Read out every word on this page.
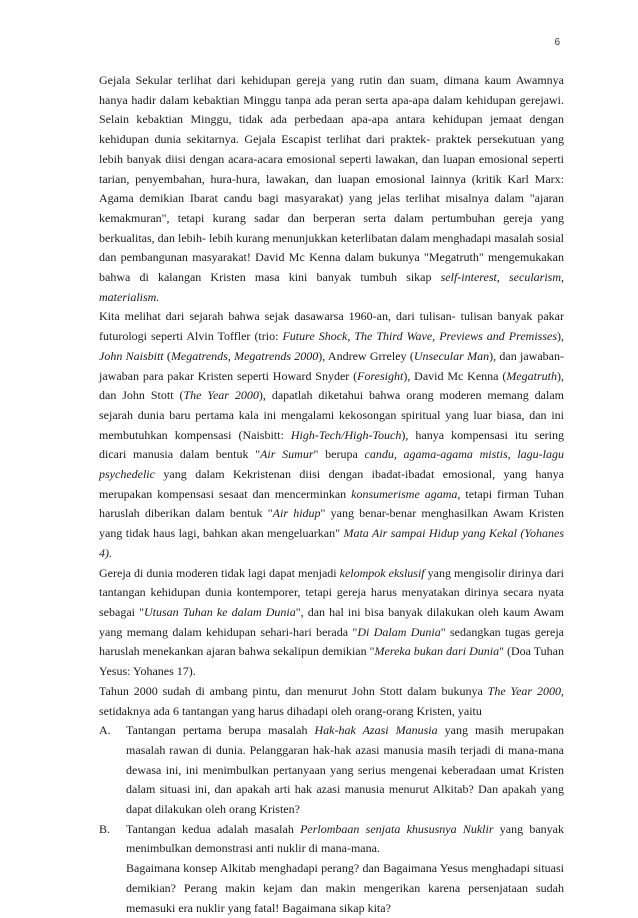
6

Gejala Sekular terlihat dari kehidupan gereja yang rutin dan suam, dimana kaum Awamnya hanya hadir dalam kebaktian Minggu tanpa ada peran serta apa-apa dalam kehidupan gerejawi. Selain kebaktian Minggu, tidak ada perbedaan apa-apa antara kehidupan jemaat dengan kehidupan dunia sekitarnya. Gejala Escapist terlihat dari praktek- praktek persekutuan yang lebih banyak diisi dengan acara-acara emosional seperti lawakan, dan luapan emosional seperti tarian, penyembahan, hura-hura, lawakan, dan luapan emosional lainnya (kritik Karl Marx: Agama demikian Ibarat candu bagi masyarakat) yang jelas terlihat misalnya dalam "ajaran kemakmuran", tetapi kurang sadar dan berperan serta dalam pertumbuhan gereja yang berkualitas, dan lebih- lebih kurang menunjukkan keterlibatan dalam menghadapi masalah sosial dan pembangunan masyarakat! David Mc Kenna dalam bukunya "Megatruth" mengemukakan bahwa di kalangan Kristen masa kini banyak tumbuh sikap self-interest, secularism, materialism.

Kita melihat dari sejarah bahwa sejak dasawarsa 1960-an, dari tulisan- tulisan banyak pakar futurologi seperti Alvin Toffler (trio: Future Shock, The Third Wave, Previews and Premisses), John Naisbitt (Megatrends, Megatrends 2000), Andrew Grreley (Unsecular Man), dan jawaban-jawaban para pakar Kristen seperti Howard Snyder (Foresight), David Mc Kenna (Megatruth), dan John Stott (The Year 2000), dapatlah diketahui bahwa orang moderen memang dalam sejarah dunia baru pertama kala ini mengalami kekosongan spiritual yang luar biasa, dan ini membutuhkan kompensasi (Naisbitt: High-Tech/High-Touch), hanya kompensasi itu sering dicari manusia dalam bentuk "Air Sumur" berupa candu, agama-agama mistis, lagu-lagu psychedelic yang dalam Kekristenan diisi dengan ibadat-ibadat emosional, yang hanya merupakan kompensasi sesaat dan mencerminkan konsumerisme agama, tetapi firman Tuhan haruslah diberikan dalam bentuk "Air hidup" yang benar-benar menghasilkan Awam Kristen yang tidak haus lagi, bahkan akan mengeluarkan" Mata Air sampai Hidup yang Kekal (Yohanes 4).

Gereja di dunia moderen tidak lagi dapat menjadi kelompok ekslusif yang mengisolir dirinya dari tantangan kehidupan dunia kontemporer, tetapi gereja harus menyatakan dirinya secara nyata sebagai "Utusan Tuhan ke dalam Dunia", dan hal ini bisa banyak dilakukan oleh kaum Awam yang memang dalam kehidupan sehari-hari berada "Di Dalam Dunia" sedangkan tugas gereja haruslah menekankan ajaran bahwa sekalipun demikian "Mereka bukan dari Dunia" (Doa Tuhan Yesus: Yohanes 17).

Tahun 2000 sudah di ambang pintu, dan menurut John Stott dalam bukunya The Year 2000, setidaknya ada 6 tantangan yang harus dihadapi oleh orang-orang Kristen, yaitu

A. Tantangan pertama berupa masalah Hak-hak Azasi Manusia yang masih merupakan masalah rawan di dunia. Pelanggaran hak-hak azasi manusia masih terjadi di mana-mana dewasa ini, ini menimbulkan pertanyaan yang serius mengenai keberadaan umat Kristen dalam situasi ini, dan apakah arti hak azasi manusia menurut Alkitab? Dan apakah yang dapat dilakukan oleh orang Kristen?

B. Tantangan kedua adalah masalah Perlombaan senjata khususnya Nuklir yang banyak menimbulkan demonstrasi anti nuklir di mana-mana.

Bagaimana konsep Alkitab menghadapi perang? dan Bagaimana Yesus menghadapi situasi demikian? Perang makin kejam dan makin mengerikan karena persenjataan sudah memasuki era nuklir yang fatal! Bagaimana sikap kita?
